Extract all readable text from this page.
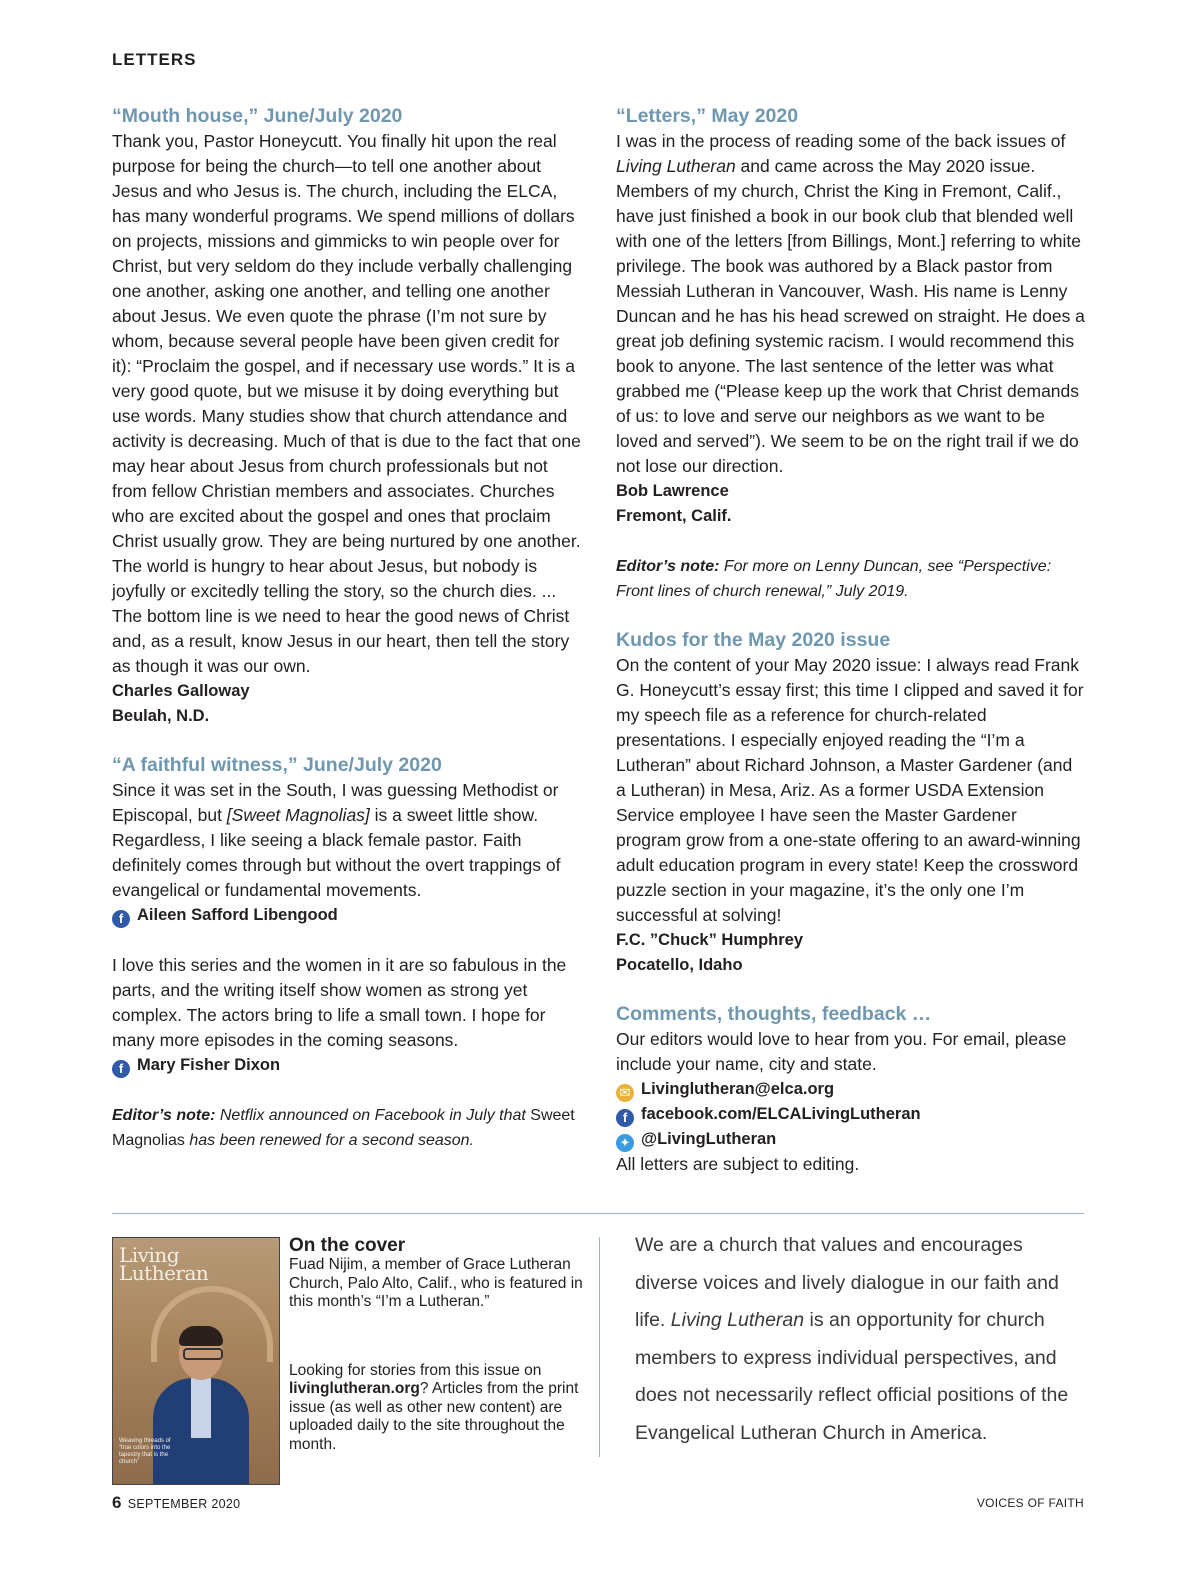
LETTERS

“Mouth house,” June/July 2020

Thank you, Pastor Honeycutt. You finally hit upon the real purpose for being the church—to tell one another about Jesus and who Jesus is. The church, including the ELCA, has many wonderful programs. We spend millions of dollars on projects, missions and gimmicks to win people over for Christ, but very seldom do they include verbally challenging one another, asking one another, and telling one another about Jesus. We even quote the phrase (I’m not sure by whom, because several people have been given credit for it): “Proclaim the gospel, and if necessary use words.” It is a very good quote, but we misuse it by doing everything but use words. Many studies show that church attendance and activity is decreasing. Much of that is due to the fact that one may hear about Jesus from church professionals but not from fellow Christian members and associates. Churches who are excited about the gospel and ones that proclaim Christ usually grow. They are being nurtured by one another. The world is hungry to hear about Jesus, but nobody is joyfully or excitedly telling the story, so the church dies. ... The bottom line is we need to hear the good news of Christ and, as a result, know Jesus in our heart, then tell the story as though it was our own.

Charles Galloway

Beulah, N.D.

“A faithful witness,” June/July 2020

Since it was set in the South, I was guessing Methodist or Episcopal, but [Sweet Magnolias] is a sweet little show. Regardless, I like seeing a black female pastor. Faith definitely comes through but without the overt trappings of evangelical or fundamental movements.

f Aileen Safford Libengood

I love this series and the women in it are so fabulous in the parts, and the writing itself show women as strong yet complex. The actors bring to life a small town. I hope for many more episodes in the coming seasons.

f Mary Fisher Dixon

Editor’s note: Netflix announced on Facebook in July that Sweet Magnolias has been renewed for a second season.

“Letters,” May 2020

I was in the process of reading some of the back issues of Living Lutheran and came across the May 2020 issue. Members of my church, Christ the King in Fremont, Calif., have just finished a book in our book club that blended well with one of the letters [from Billings, Mont.] referring to white privilege. The book was authored by a Black pastor from Messiah Lutheran in Vancouver, Wash. His name is Lenny Duncan and he has his head screwed on straight. He does a great job defining systemic racism. I would recommend this book to anyone. The last sentence of the letter was what grabbed me (“Please keep up the work that Christ demands of us: to love and serve our neighbors as we want to be loved and served”). We seem to be on the right trail if we do not lose our direction.

Bob Lawrence

Fremont, Calif.

Editor’s note: For more on Lenny Duncan, see “Perspective: Front lines of church renewal,” July 2019.

Kudos for the May 2020 issue

On the content of your May 2020 issue: I always read Frank G. Honeycutt’s essay first; this time I clipped and saved it for my speech file as a reference for church-related presentations. I especially enjoyed reading the “I’m a Lutheran” about Richard Johnson, a Master Gardener (and a Lutheran) in Mesa, Ariz. As a former USDA Extension Service employee I have seen the Master Gardener program grow from a one-state offering to an award-winning adult education program in every state! Keep the crossword puzzle section in your magazine, it’s the only one I’m successful at solving!

F.C. ”Chuck” Humphrey

Pocatello, Idaho

Comments, thoughts, feedback …

Our editors would love to hear from you. For email, please include your name, city and state.

✉ Livinglutheran@elca.org

f facebook.com/ELCALivingLutheran

✦ @LivingLutheran

All letters are subject to editing.

Living
Lutheran
Weaving threads of “true colors into the tapestry that is the church”

On the cover

Fuad Nijim, a member of Grace Lutheran Church, Palo Alto, Calif., who is featured in this month’s “I’m a Lutheran.”

Looking for stories from this issue on livinglutheran.org? Articles from the print issue (as well as other new content) are uploaded daily to the site throughout the month.

We are a church that values and encourages diverse voices and lively dialogue in our faith and life. Living Lutheran is an opportunity for church members to express individual perspectives, and does not necessarily reflect official positions of the Evangelical Lutheran Church in America.

6 SEPTEMBER 2020	VOICES OF FAITH
